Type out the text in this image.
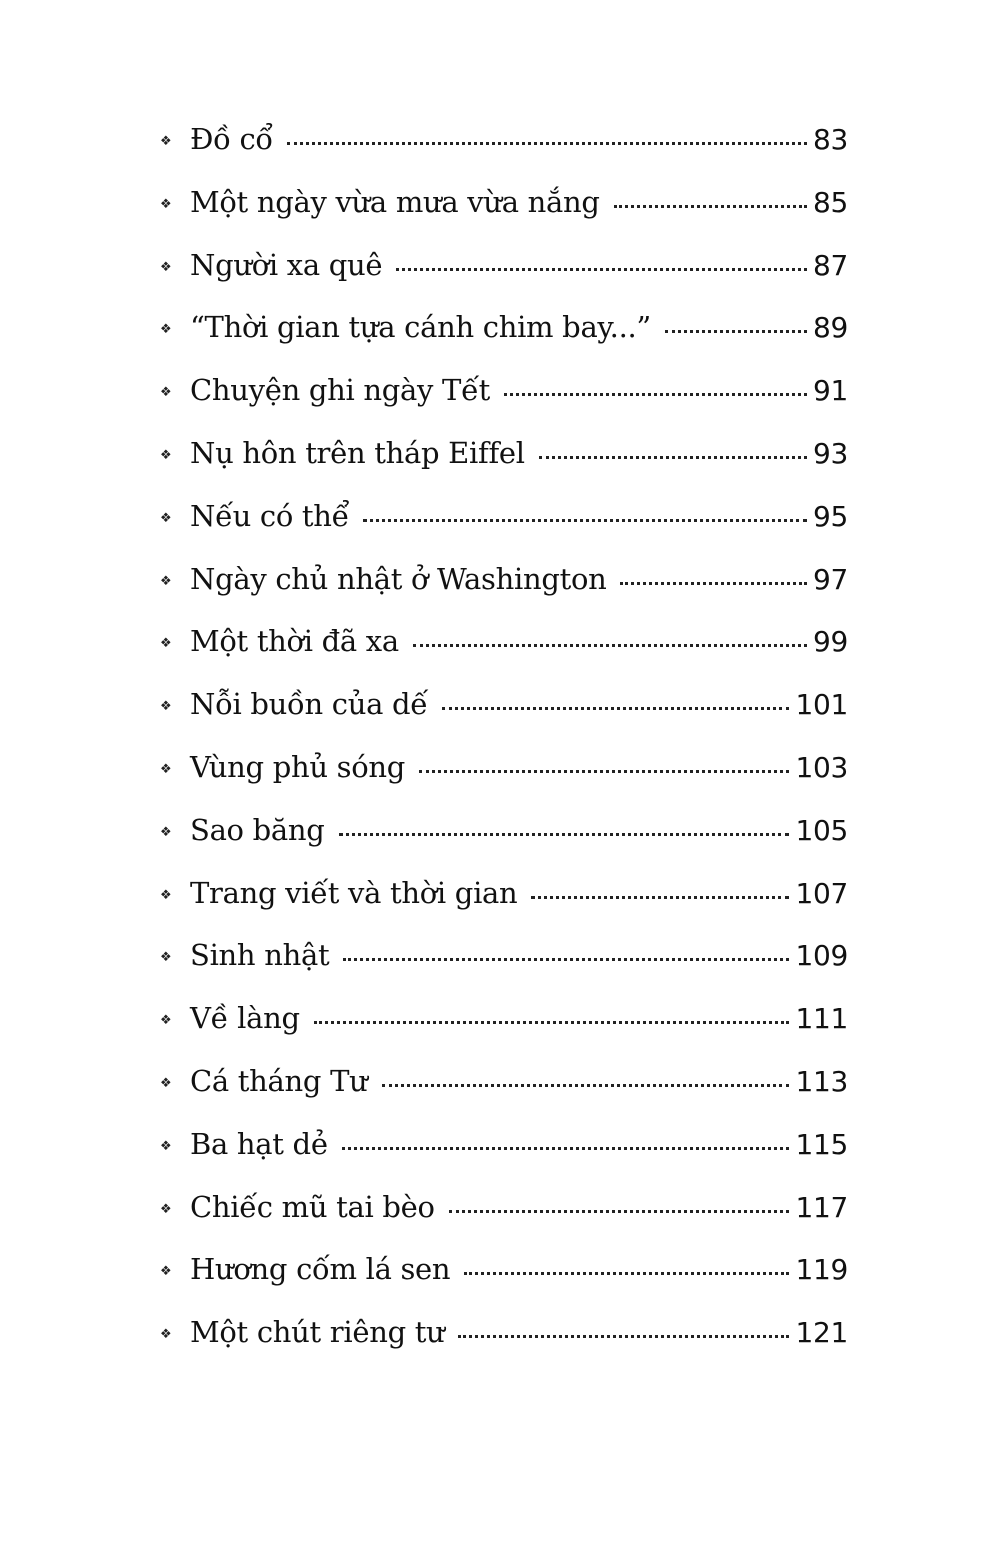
❖ Đồ cổ	83
❖ Một ngày vừa mưa vừa nắng	85
❖ Người xa quê	87
❖ “Thời gian tựa cánh chim bay...”	89
❖ Chuyện ghi ngày Tết	91
❖ Nụ hôn trên tháp Eiffel	93
❖ Nếu có thể	95
❖ Ngày chủ nhật ở Washington	97
❖ Một thời đã xa	99
❖ Nỗi buồn của dế	101
❖ Vùng phủ sóng	103
❖ Sao băng	105
❖ Trang viết và thời gian	107
❖ Sinh nhật	109
❖ Về làng	111
❖ Cá tháng Tư	113
❖ Ba hạt dẻ	115
❖ Chiếc mũ tai bèo	117
❖ Hương cốm lá sen	119
❖ Một chút riêng tư	121
